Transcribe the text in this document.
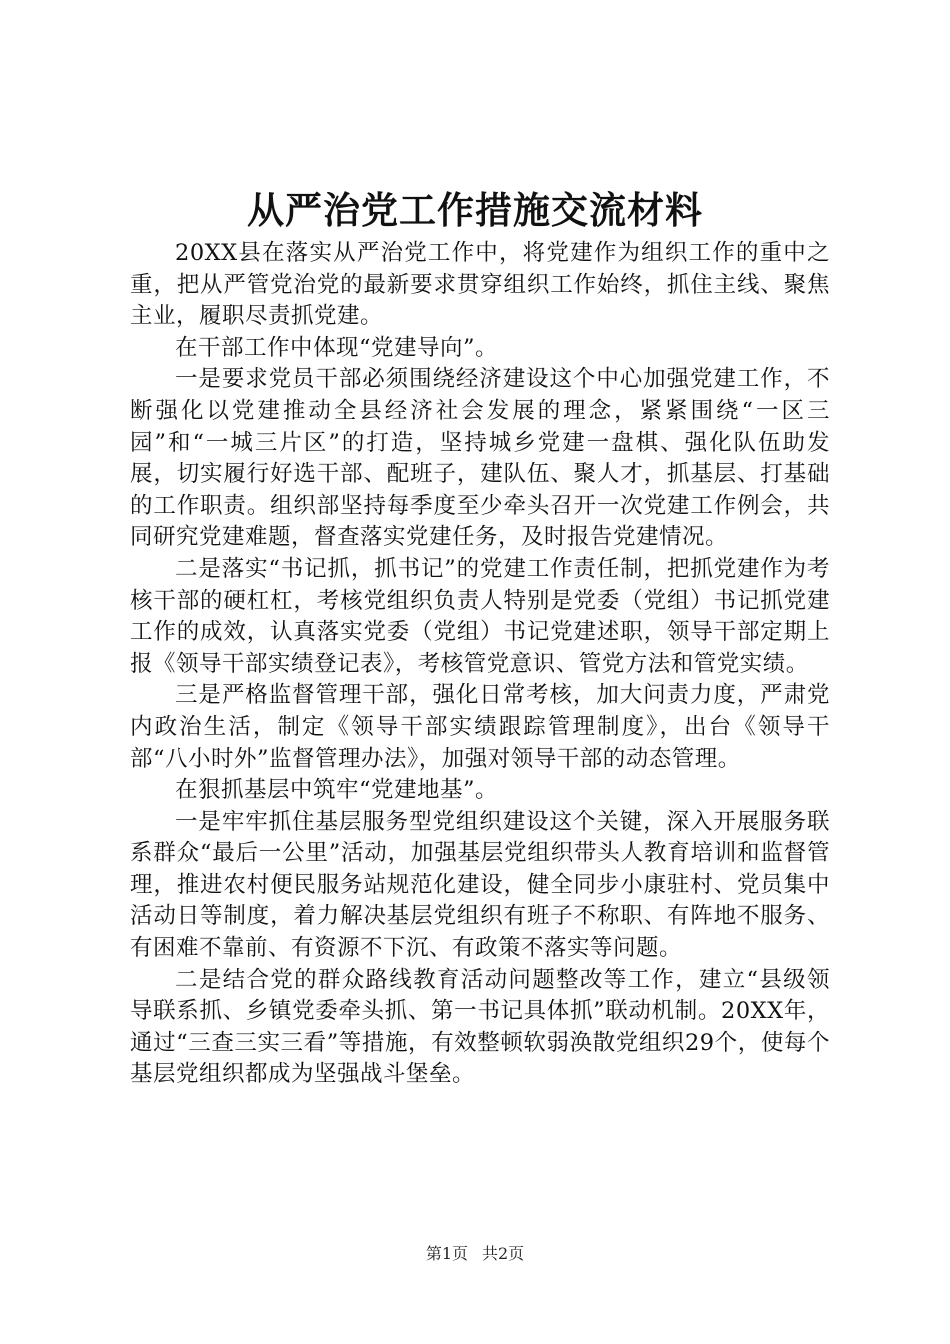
从严治党工作措施交流材料

20XX县在落实从严治党工作中，将党建作为组织工作的重中之重，把从严管党治党的最新要求贯穿组织工作始终，抓住主线、聚焦主业，履职尽责抓党建。

在干部工作中体现“党建导向”。

一是要求党员干部必须围绕经济建设这个中心加强党建工作，不断强化以党建推动全县经济社会发展的理念，紧紧围绕“一区三园”和“一城三片区”的打造，坚持城乡党建一盘棋、强化队伍助发展，切实履行好选干部、配班子，建队伍、聚人才，抓基层、打基础的工作职责。组织部坚持每季度至少牵头召开一次党建工作例会，共同研究党建难题，督查落实党建任务，及时报告党建情况。

二是落实“书记抓，抓书记”的党建工作责任制，把抓党建作为考核干部的硬杠杠，考核党组织负责人特别是党委（党组）书记抓党建工作的成效，认真落实党委（党组）书记党建述职，领导干部定期上报《领导干部实绩登记表》，考核管党意识、管党方法和管党实绩。

三是严格监督管理干部，强化日常考核，加大问责力度，严肃党内政治生活，制定《领导干部实绩跟踪管理制度》，出台《领导干部“八小时外”监督管理办法》，加强对领导干部的动态管理。

在狠抓基层中筑牢“党建地基”。

一是牢牢抓住基层服务型党组织建设这个关键，深入开展服务联系群众“最后一公里”活动，加强基层党组织带头人教育培训和监督管理，推进农村便民服务站规范化建设，健全同步小康驻村、党员集中活动日等制度，着力解决基层党组织有班子不称职、有阵地不服务、有困难不靠前、有资源不下沉、有政策不落实等问题。

二是结合党的群众路线教育活动问题整改等工作，建立“县级领导联系抓、乡镇党委牵头抓、第一书记具体抓”联动机制。20XX年，通过“三查三实三看”等措施，有效整顿软弱涣散党组织29个，使每个基层党组织都成为坚强战斗堡垒。

第1页 共2页
